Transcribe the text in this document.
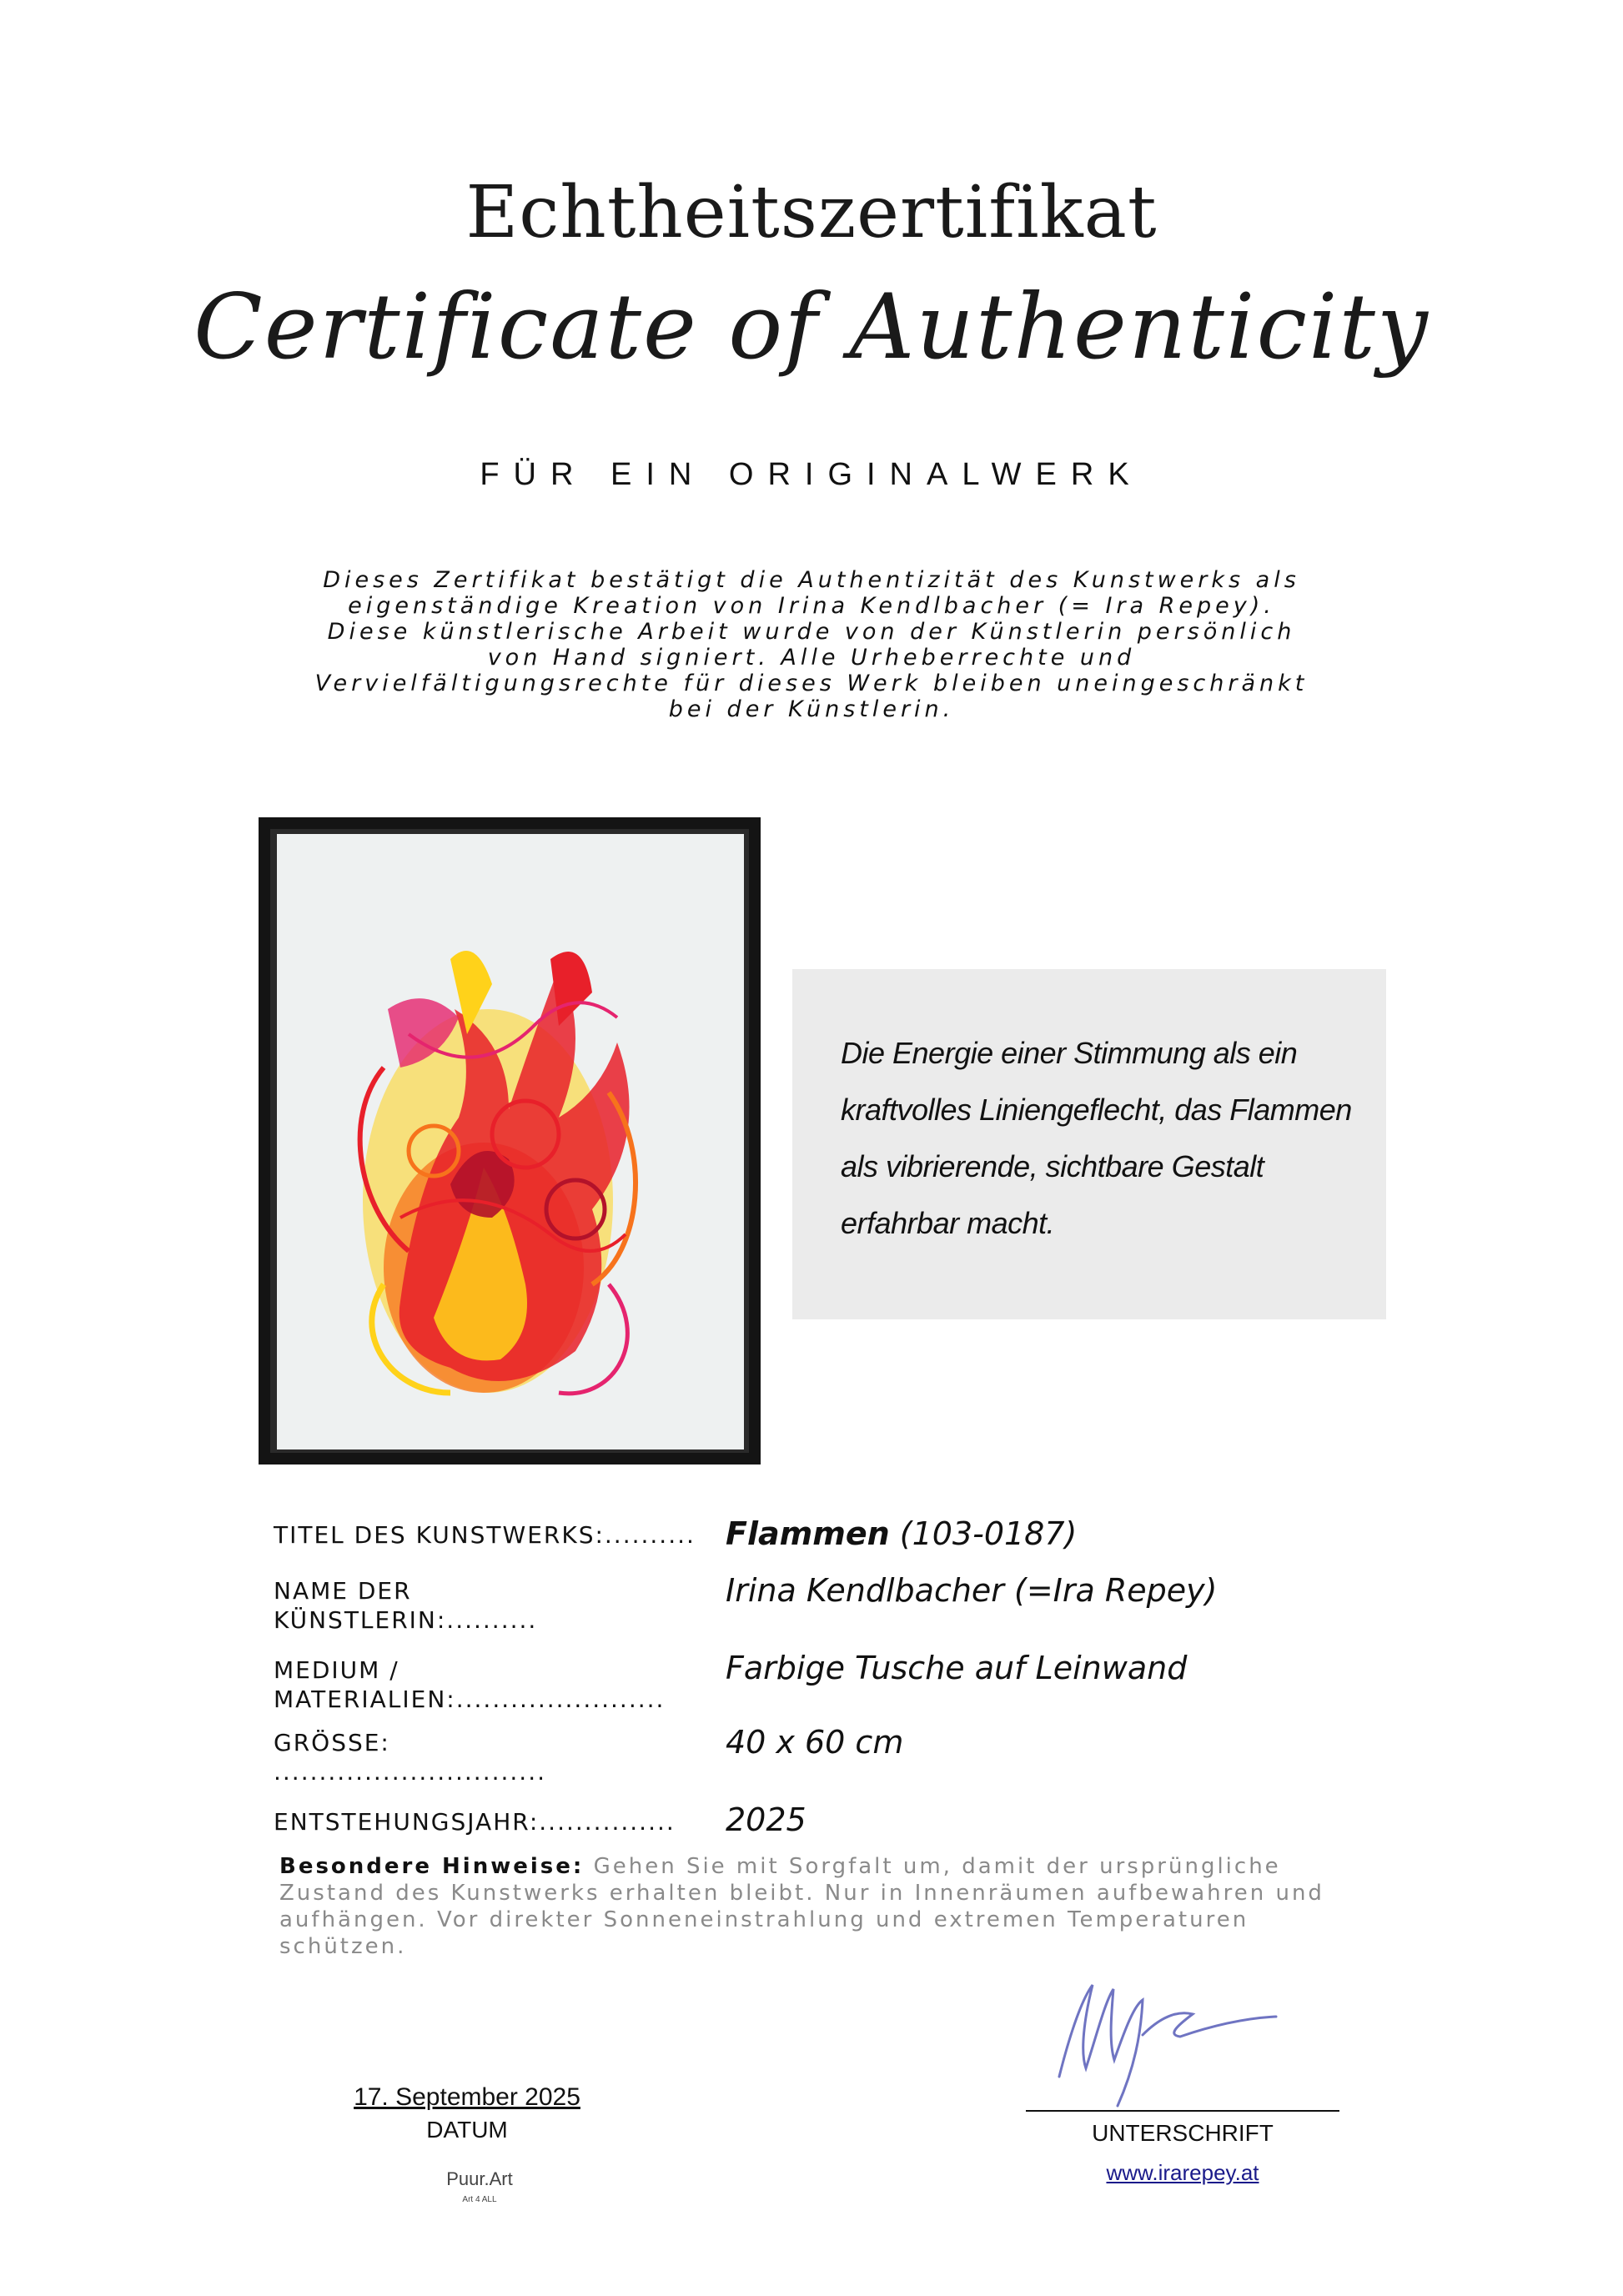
Echtheitszertifikat
Certificate of Authenticity
FÜR EIN ORIGINALWERK
Dieses Zertifikat bestätigt die Authentizität des Kunstwerks als
eigenständige Kreation von Irina Kendlbacher (= Ira Repey).
Diese künstlerische Arbeit wurde von der Künstlerin persönlich
von Hand signiert. Alle Urheberrechte und
Vervielfältigungsrechte für dieses Werk bleiben uneingeschränkt
bei der Künstlerin.
Die Energie einer Stimmung als ein
kraftvolles Liniengeflecht, das Flammen
als vibrierende, sichtbare Gestalt
erfahrbar macht.
TITEL DES KUNSTWERKS:.......... Flammen (103-0187)
NAME DER
KÜNSTLERIN:..........
Irina Kendlbacher (=Ira Repey)
MEDIUM /
MATERIALIEN:.......................
Farbige Tusche auf Leinwand
GRÖSSE:
..............................
40 x 60 cm
ENTSTEHUNGSJAHR:............... 2025
Besondere Hinweise: Gehen Sie mit Sorgfalt um, damit der ursprüngliche Zustand des Kunstwerks erhalten bleibt. Nur in Innenräumen aufbewahren und aufhängen. Vor direkter Sonneneinstrahlung und extremen Temperaturen schützen.
17. September 2025
DATUM	UNTERSCHRIFT
www.irarepey.at
Puur.Art
Art 4 ALL
